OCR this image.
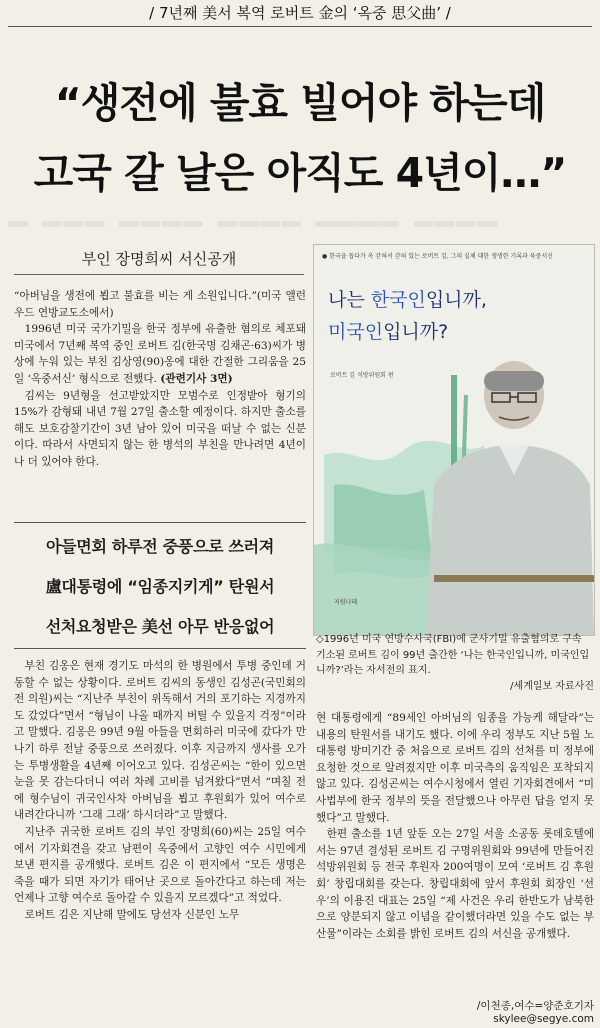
/ 7년째 美서 복역 로버트 金의 ‘옥중 思父曲’ /
“생전에 불효 빌어야 하는데
고국 갈 날은 아직도 4년이…”
━ ━━━ ━━━━ ━━━━ ━━━━ ━━━━
부인 장명희씨 서신공개

“아버님을 생전에 뵙고 불효를 비는 게 소원입니다.”(미국 앨런우드 연방교도소에서)

1996년 미국 국가기밀을 한국 정부에 유출한 혐의로 체포돼 미국에서 7년째 복역 중인 로버트 김(한국명 김채곤·63)씨가 병상에 누워 있는 부친 김상영(90)옹에 대한 간절한 그리움을 25일 ‘옥중서신’ 형식으로 전했다. (관련기사 3면)

김씨는 9년형을 선고받았지만 모범수로 인정받아 형기의 15%가 감형돼 내년 7월 27일 출소할 예정이다. 하지만 출소를 해도 보호감찰기간이 3년 남아 있어 미국을 떠날 수 없는 신분이다. 따라서 사면되지 않는 한 병석의 부친을 만나려면 4년이나 더 있어야 한다.

아들면회 하루전 중풍으로 쓰러져
盧대통령에 “임종지키게” 탄원서
선처요청받은 美선 아무 반응없어

부친 김옹은 현재 경기도 마석의 한 병원에서 투병 중인데 거동할 수 없는 상황이다. 로버트 김씨의 동생인 김성곤(국민회의 전 의원)씨는 “지난주 부친이 위독해서 거의 포기하는 지경까지도 갔었다”면서 “형님이 나올 때까지 버틸 수 있을지 걱정”이라고 말했다. 김옹은 99년 9월 아들을 면회하러 미국에 갔다가 만나기 하루 전날 중풍으로 쓰러졌다. 이후 지금까지 생사를 오가는 투병생활을 4년째 이어오고 있다. 김성곤씨는 “한이 있으면 눈을 못 감는다더니 여러 차례 고비를 넘겨왔다”면서 “며칠 전에 형수님이 귀국인사차 아버님을 뵙고 후원회가 있어 여수로 내려간다니까 ‘그래 그래’ 하시더라”고 말했다.

지난주 귀국한 로버트 김의 부인 장명희(60)씨는 25일 여수에서 기자회견을 갖고 남편이 옥중에서 고향인 여수 시민에게 보낸 편지를 공개했다. 로버트 김은 이 편지에서 “모든 생명은 죽을 때가 되면 자기가 태어난 곳으로 돌아간다고 하는데 저는 언제나 고향 여수로 돌아갈 수 있을지 모르겠다”고 적었다.

로버트 김은 지난해 말에도 당선자 신분인 노무

● 한국을 돕다가 옥 갇혀서 갇혀 있는 로버트 김, 그의 실체 대한 생생한 기록과 육중서신
나는 한국인입니까,
미국인입니까?
로버트 김 석방위원회 편
지원나래
◇1996년 미국 연방수사국(FBI)에 군사기밀 유출혐의로 구속 기소된 로버트 김이 99년 출간한 ‘나는 한국인입니까, 미국인입니까?’라는 자서전의 표지.

/세계일보 자료사진

현 대통령에게 “89세인 아버님의 임종을 가능케 해달라”는 내용의 탄원서를 내기도 했다. 이에 우리 정부도 지난 5월 노 대통령 방미기간 중 처음으로 로버트 김의 선처를 미 정부에 요청한 것으로 알려졌지만 이후 미국측의 움직임은 포착되지 않고 있다. 김성곤씨는 여수시청에서 열린 기자회견에서 “미 사법부에 한국 정부의 뜻을 전달했으나 아무런 답을 얻지 못했다”고 말했다.

한편 출소를 1년 앞둔 오는 27일 서울 소공동 롯데호텔에서는 97년 결성된 로버트 김 구명위원회와 99년에 만들어진 석방위원회 등 전국 후원자 200여명이 모여 ‘로버트 김 후원회’ 창립대회를 갖는다. 창립대회에 앞서 후원회 회장인 ‘선우’의 이용진 대표는 25일 “제 사건은 우리 한반도가 남북한으로 양분되지 않고 이념을 같이했더라면 있을 수도 없는 부산물”이라는 소회를 밝힌 로버트 김의 서신을 공개했다.

/이천종,여수=양준호기자 skylee@segye.com
